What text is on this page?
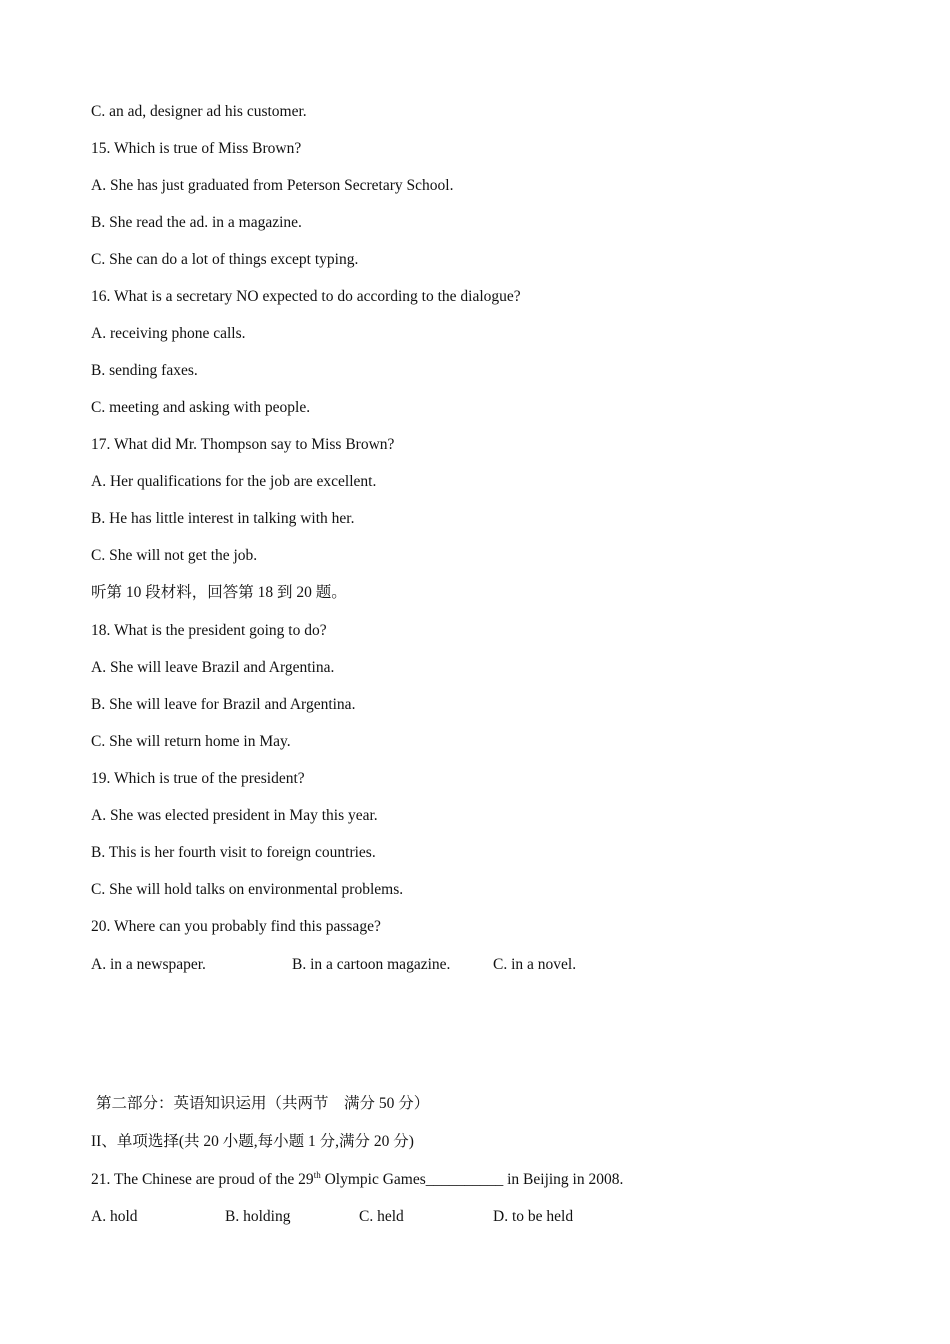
C. an ad, designer ad his customer.
15. Which is true of Miss Brown?
A. She has just graduated from Peterson Secretary School.
B. She read the ad. in a magazine.
C. She can do a lot of things except typing.
16. What is a secretary NO expected to do according to the dialogue?
A. receiving phone calls.
B. sending faxes.
C. meeting and asking with people.
17. What did Mr. Thompson say to Miss Brown?
A. Her qualifications for the job are excellent.
B. He has little interest in talking with her.
C. She will not get the job.
听第 10 段材料，回答第 18 到 20 题。
18. What is the president going to do?
A. She will leave Brazil and Argentina.
B. She will leave for Brazil and Argentina.
C. She will return home in May.
19. Which is true of the president?
A. She was elected president in May this year.
B. This is her fourth visit to foreign countries.
C. She will hold talks on environmental problems.
20. Where can you probably find this passage?
A. in a newspaper.	B. in a cartoon magazine.	C. in a novel.
第二部分：英语知识运用（共两节　满分 50 分）
II、单项选择(共 20 小题,每小题 1 分,满分 20 分)
21. The Chinese are proud of the 29th Olympic Games__________ in Beijing in 2008.
A. hold	B. holding	C. held	D. to be held
